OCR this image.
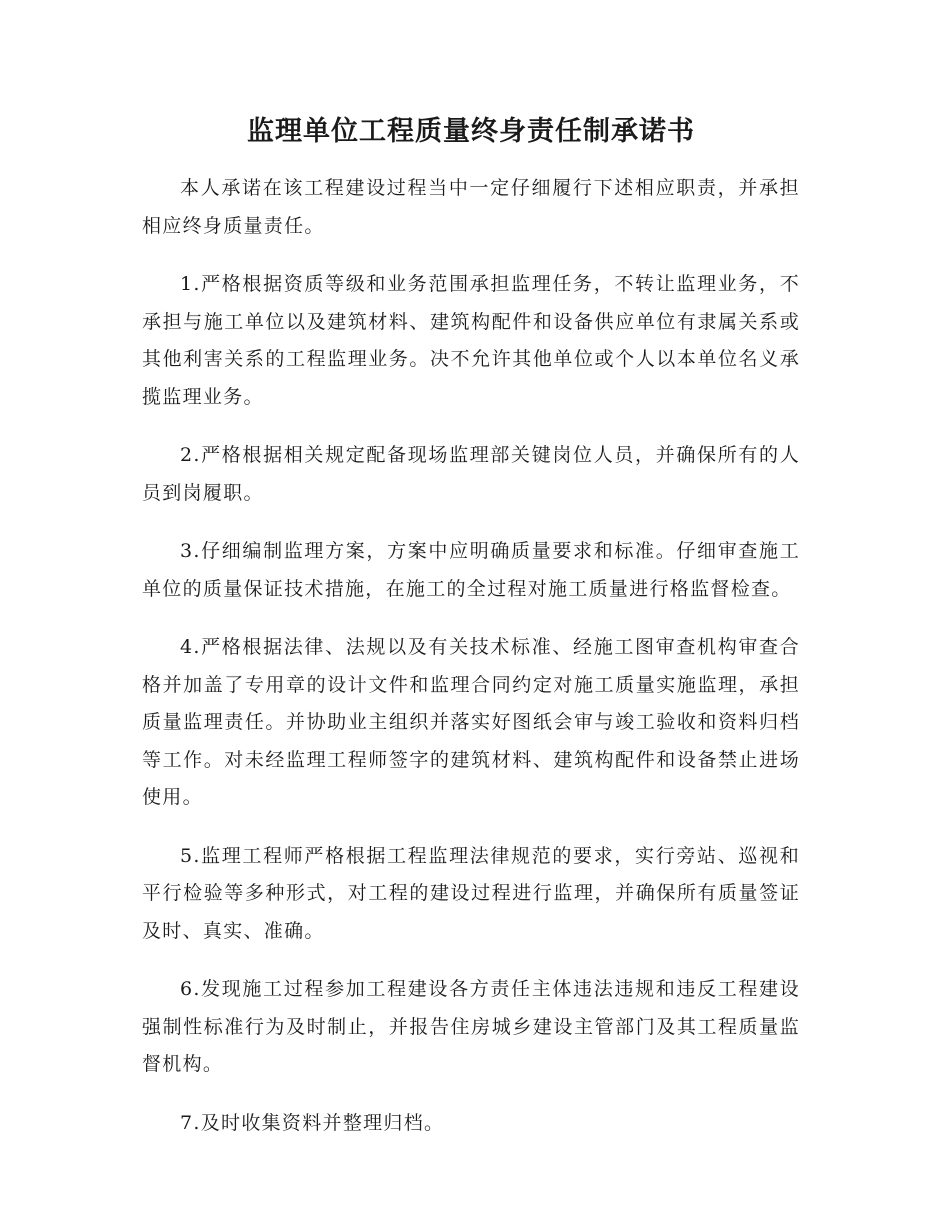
监理单位工程质量终身责任制承诺书

本人承诺在该工程建设过程当中一定仔细履行下述相应职责，并承担相应终身质量责任。

1.严格根据资质等级和业务范围承担监理任务，不转让监理业务，不承担与施工单位以及建筑材料、建筑构配件和设备供应单位有隶属关系或其他利害关系的工程监理业务。决不允许其他单位或个人以本单位名义承揽监理业务。

2.严格根据相关规定配备现场监理部关键岗位人员，并确保所有的人员到岗履职。

3.仔细编制监理方案，方案中应明确质量要求和标准。仔细审查施工单位的质量保证技术措施，在施工的全过程对施工质量进行格监督检查。

4.严格根据法律、法规以及有关技术标准、经施工图审查机构审查合格并加盖了专用章的设计文件和监理合同约定对施工质量实施监理，承担质量监理责任。并协助业主组织并落实好图纸会审与竣工验收和资料归档等工作。对未经监理工程师签字的建筑材料、建筑构配件和设备禁止进场使用。

5.监理工程师严格根据工程监理法律规范的要求，实行旁站、巡视和平行检验等多种形式，对工程的建设过程进行监理，并确保所有质量签证及时、真实、准确。

6.发现施工过程参加工程建设各方责任主体违法违规和违反工程建设强制性标准行为及时制止，并报告住房城乡建设主管部门及其工程质量监督机构。

7.及时收集资料并整理归档。
